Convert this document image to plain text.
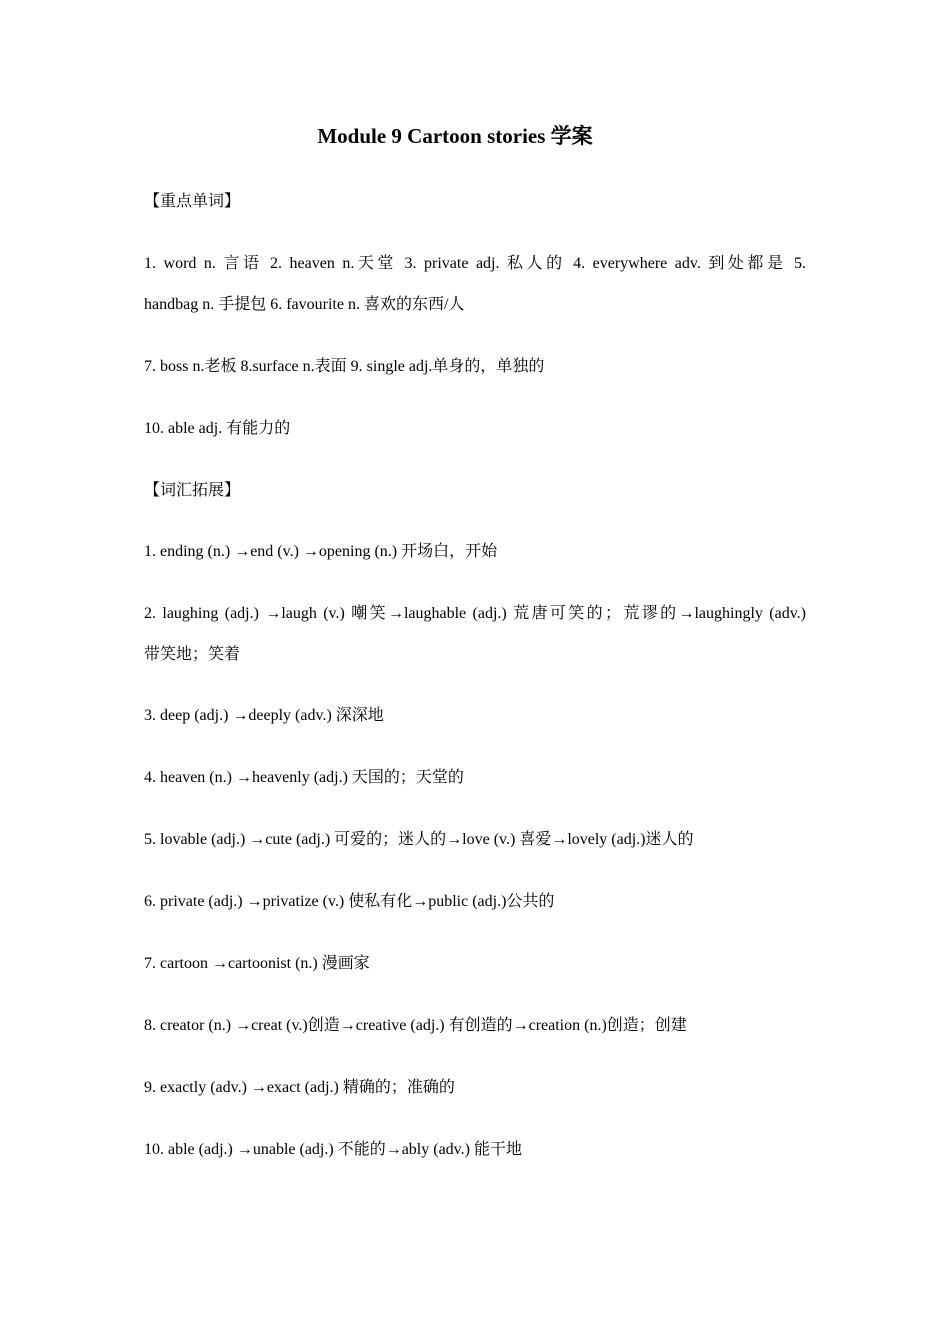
Module 9 Cartoon stories 学案
【重点单词】
1. word n. 言语 2. heaven n.天堂 3. private adj. 私人的 4. everywhere adv. 到处都是 5.
handbag n. 手提包 6. favourite n. 喜欢的东西/人
7. boss n.老板 8.surface n.表面 9. single adj.单身的，单独的
10. able adj. 有能力的
【词汇拓展】
1. ending (n.) →end (v.) →opening (n.) 开场白，开始
2. laughing (adj.) →laugh (v.) 嘲笑→laughable (adj.) 荒唐可笑的；荒谬的→laughingly (adv.)
带笑地；笑着
3. deep (adj.) →deeply (adv.) 深深地
4. heaven (n.) →heavenly (adj.) 天国的；天堂的
5. lovable (adj.) →cute (adj.) 可爱的；迷人的→love (v.) 喜爱→lovely (adj.)迷人的
6. private (adj.) →privatize (v.) 使私有化→public (adj.)公共的
7. cartoon →cartoonist (n.) 漫画家
8. creator (n.) →creat (v.)创造→creative (adj.) 有创造的→creation (n.)创造；创建
9. exactly (adv.) →exact (adj.) 精确的；准确的
10. able (adj.) →unable (adj.) 不能的→ably (adv.) 能干地
